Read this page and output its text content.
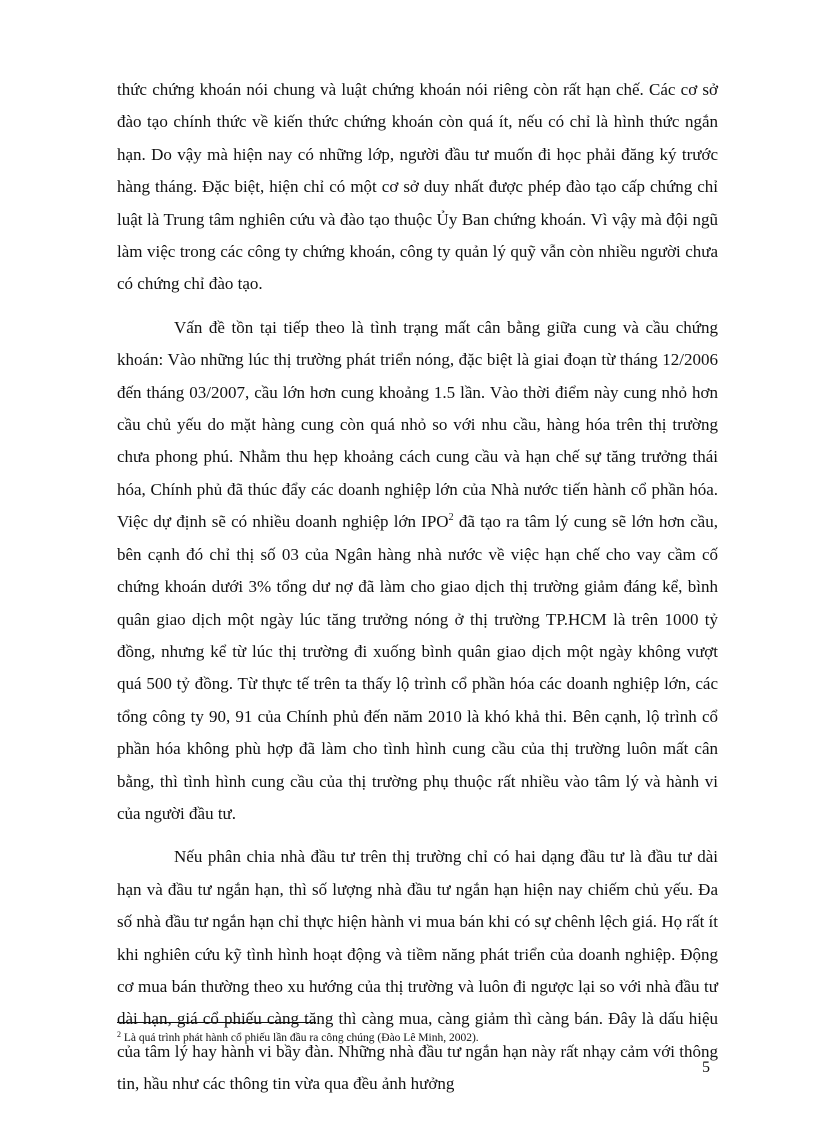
thức chứng khoán nói chung và luật chứng khoán nói riêng còn rất hạn chế. Các cơ sở đào tạo chính thức về kiến thức chứng khoán còn quá ít, nếu có chỉ là hình thức ngắn hạn. Do vậy mà hiện nay có những lớp, người đầu tư muốn đi học phải đăng ký trước hàng tháng. Đặc biệt, hiện chỉ có một cơ sở duy nhất được phép đào tạo cấp chứng chỉ luật là Trung tâm nghiên cứu và đào tạo thuộc Ủy Ban chứng khoán. Vì vậy mà đội ngũ làm việc trong các công ty chứng khoán, công ty quản lý quỹ vẫn còn nhiều người chưa có chứng chỉ đào tạo.

Vấn đề tồn tại tiếp theo là tình trạng mất cân bằng giữa cung và cầu chứng khoán: Vào những lúc thị trường phát triển nóng, đặc biệt là giai đoạn từ tháng 12/2006 đến tháng 03/2007, cầu lớn hơn cung khoảng 1.5 lần. Vào thời điểm này cung nhỏ hơn cầu chủ yếu do mặt hàng cung còn quá nhỏ so với nhu cầu, hàng hóa trên thị trường chưa phong phú. Nhằm thu hẹp khoảng cách cung cầu và hạn chế sự tăng trưởng thái hóa, Chính phủ đã thúc đẩy các doanh nghiệp lớn của Nhà nước tiến hành cổ phần hóa. Việc dự định sẽ có nhiều doanh nghiệp lớn IPO$^2$ đã tạo ra tâm lý cung sẽ lớn hơn cầu, bên cạnh đó chỉ thị số 03 của Ngân hàng nhà nước về việc hạn chế cho vay cầm cố chứng khoán dưới 3% tổng dư nợ đã làm cho giao dịch thị trường giảm đáng kể, bình quân giao dịch một ngày lúc tăng trưởng nóng ở thị trường TP.HCM là trên 1000 tỷ đồng, nhưng kể từ lúc thị trường đi xuống bình quân giao dịch một ngày không vượt quá 500 tỷ đồng. Từ thực tế trên ta thấy lộ trình cổ phần hóa các doanh nghiệp lớn, các tổng công ty 90, 91 của Chính phủ đến năm 2010 là khó khả thi. Bên cạnh, lộ trình cổ phần hóa không phù hợp đã làm cho tình hình cung cầu của thị trường luôn mất cân bằng, thì tình hình cung cầu của thị trường phụ thuộc rất nhiều vào tâm lý và hành vi của người đầu tư.

Nếu phân chia nhà đầu tư trên thị trường chỉ có hai dạng đầu tư là đầu tư dài hạn và đầu tư ngắn hạn, thì số lượng nhà đầu tư ngắn hạn hiện nay chiếm chủ yếu. Đa số nhà đầu tư ngắn hạn chỉ thực hiện hành vi mua bán khi có sự chênh lệch giá. Họ rất ít khi nghiên cứu kỹ tình hình hoạt động và tiềm năng phát triển của doanh nghiệp. Động cơ mua bán thường theo xu hướng của thị trường và luôn đi ngược lại so với nhà đầu tư dài hạn, giá cổ phiếu càng tăng thì càng mua, càng giảm thì càng bán. Đây là dấu hiệu của tâm lý hay hành vi bầy đàn. Những nhà đầu tư ngắn hạn này rất nhạy cảm với thông tin, hầu như các thông tin vừa qua đều ảnh hưởng

$^2$ Là quá trình phát hành cổ phiếu lần đầu ra công chúng (Đào Lê Minh, 2002).
5
